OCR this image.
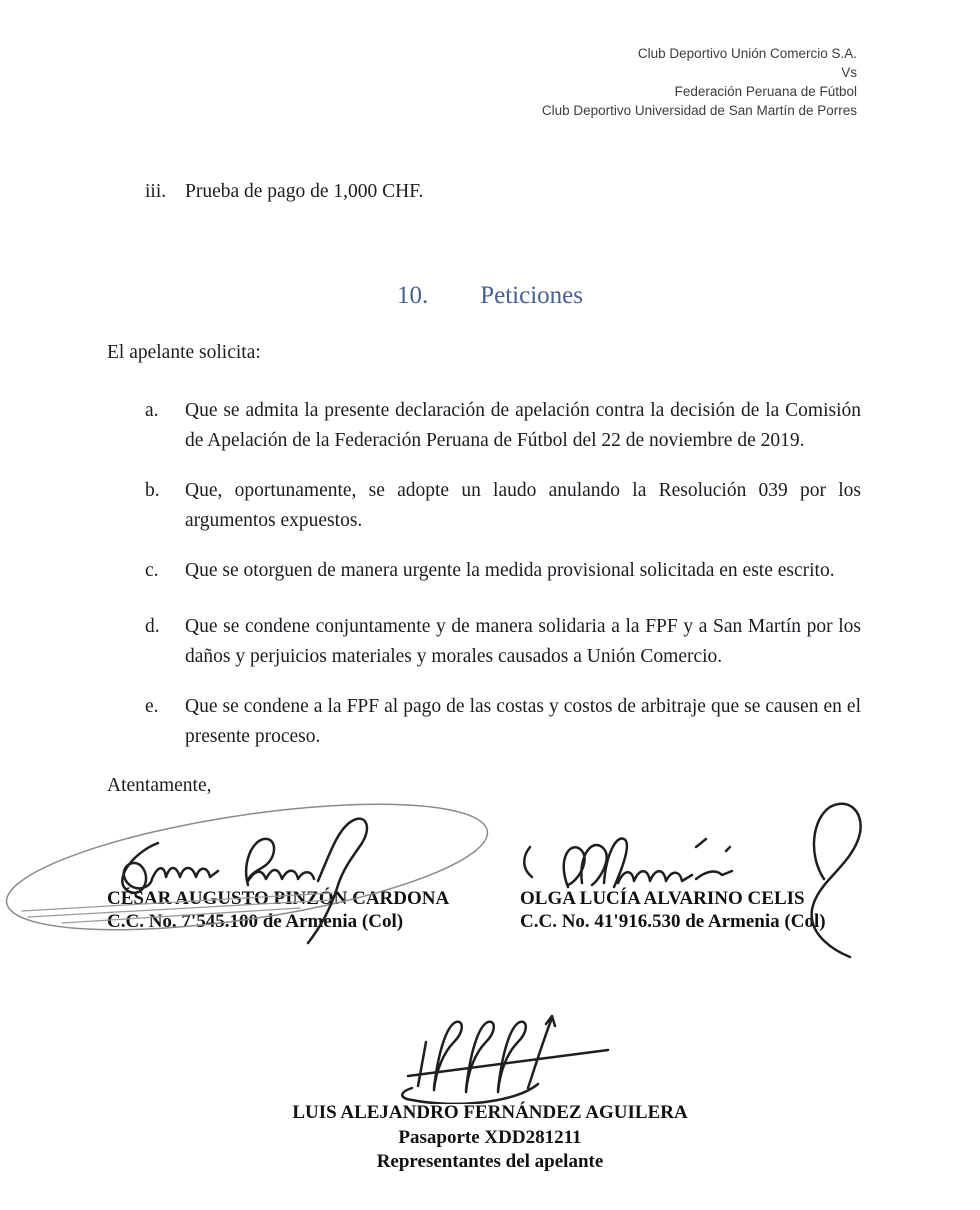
Club Deportivo Unión Comercio S.A.
Vs
Federación Peruana de Fútbol
Club Deportivo Universidad de San Martín de Porres
iii. Prueba de pago de 1,000 CHF.
10. Peticiones
El apelante solicita:
a. Que se admita la presente declaración de apelación contra la decisión de la Comisión de Apelación de la Federación Peruana de Fútbol del 22 de noviembre de 2019.
b. Que, oportunamente, se adopte un laudo anulando la Resolución 039 por los argumentos expuestos.
c. Que se otorguen de manera urgente la medida provisional solicitada en este escrito.
d. Que se condene conjuntamente y de manera solidaria a la FPF y a San Martín por los daños y perjuicios materiales y morales causados a Unión Comercio.
e. Que se condene a la FPF al pago de las costas y costos de arbitraje que se causen en el presente proceso.
Atentamente,
CÉSAR AUGUSTO PINZÓN CARDONA
C.C. No. 7'545.100 de Armenia (Col)
OLGA LUCÍA ALVARINO CELIS
C.C. No. 41'916.530 de Armenia (Col)
LUIS ALEJANDRO FERNÁNDEZ AGUILERA
Pasaporte XDD281211
Representantes del apelante
